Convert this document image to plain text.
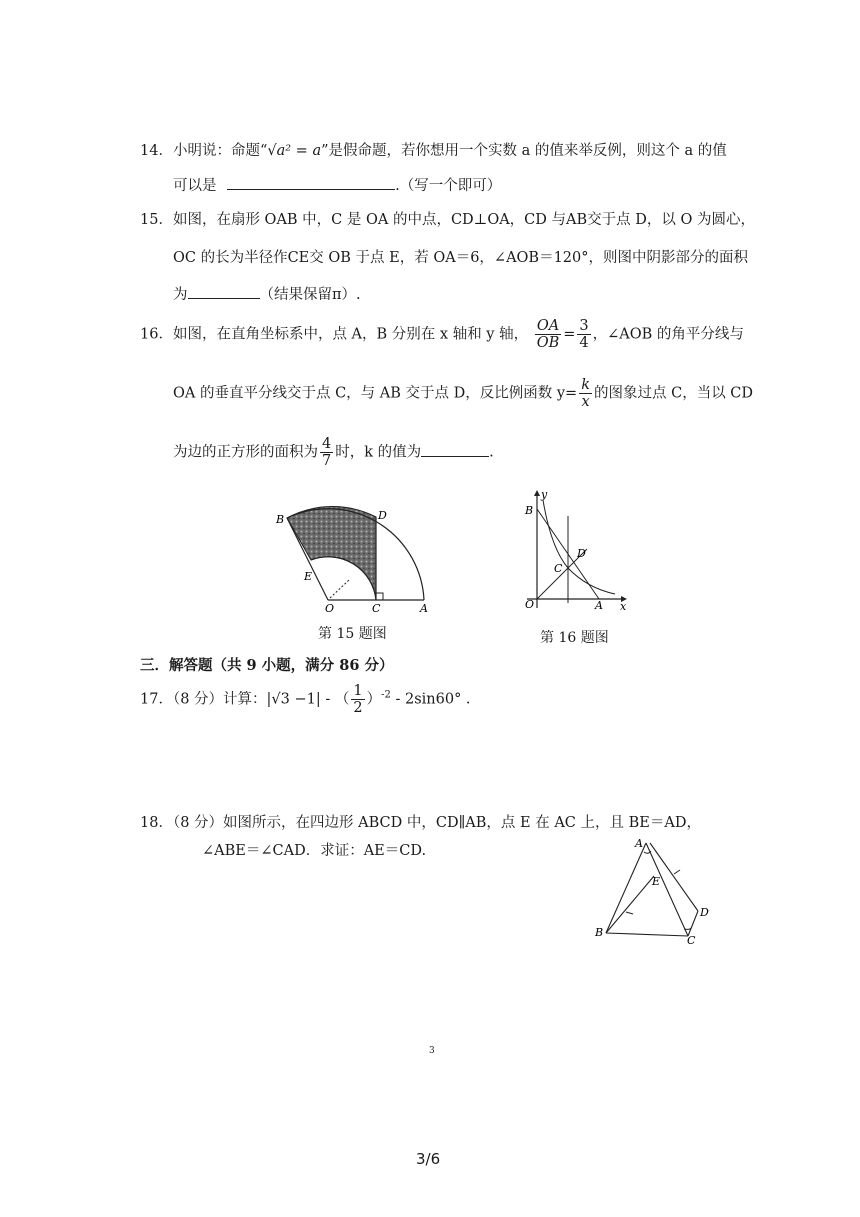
14．小明说：命题“√a² = a”是假命题，若你想用一个实数 a 的值来举反例，则这个 a 的值
可以是	.（写一个即可）
15．如图，在扇形 OAB 中，C 是 OA 的中点，CD⊥OA，CD 与AB交于点 D，以 O 为圆心，
OC 的长为半径作CE交 OB 于点 E，若 OA＝6，∠AOB＝120°，则图中阴影部分的面积
为	（结果保留π）.
16．如图，在直角坐标系中，点 A，B 分别在 x 轴和 y 轴， $\frac{OA}{OB} = \frac{3}{4}$ ，∠AOB 的角平分线与
OA 的垂直平分线交于点 C，与 AB 交于点 D，反比例函数 $y= \frac{k}{x}$ 的图象过点 C，当以 CD
为边的正方形的面积为 $\frac{4}{7}$ 时，k 的值为	.
B	D
E
O	C	A
第 15 题图
y
B
D
C
O	A x
第 16 题图
三．解答题（共 9 小题，满分 86 分）
17．（8 分）计算：|√3 −1| - （ $\frac{1}{2} )^{-2} - 2\sin 60^\circ$ .
18．（8 分）如图所示，在四边形 ABCD 中，CD∥AB，点 E 在 AC 上，且 BE＝AD，
∠ABE＝∠CAD．求证：AE＝CD.	A
E
D
B
C
3
3/6
